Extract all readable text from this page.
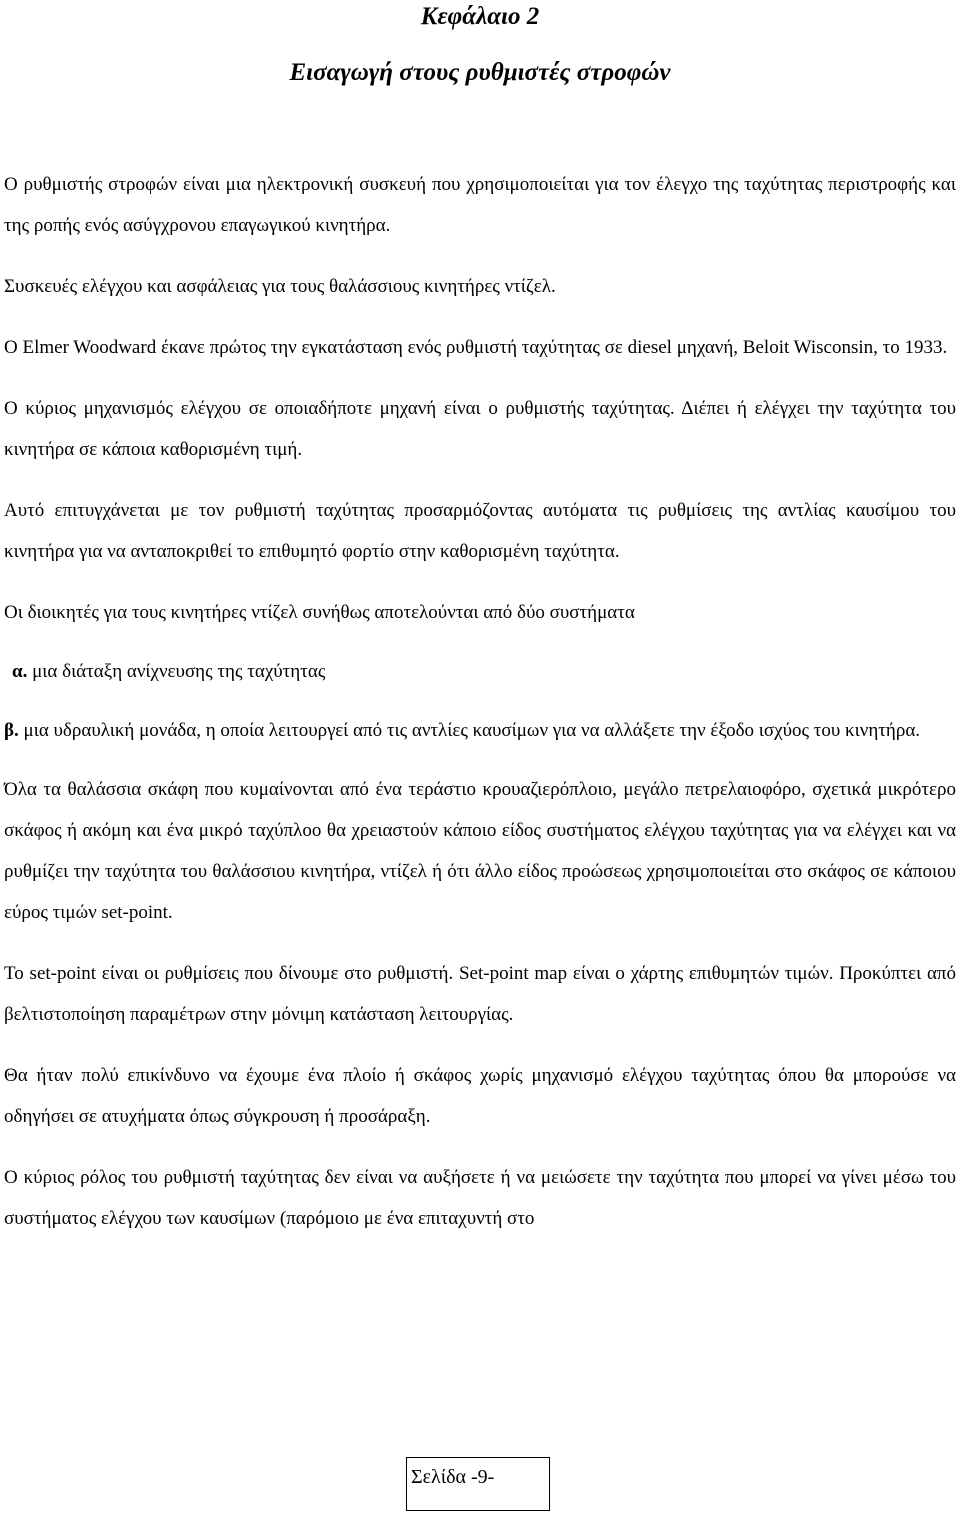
Κεφάλαιο 2
Εισαγωγή στους ρυθμιστές στροφών

Ο ρυθμιστής στροφών είναι μια ηλεκτρονική συσκευή που χρησιμοποιείται για τον έλεγχο της ταχύτητας περιστροφής και της ροπής ενός ασύγχρονου επαγωγικού κινητήρα.

Συσκευές ελέγχου και ασφάλειας για τους θαλάσσιους κινητήρες ντίζελ.

Ο Elmer Woodward έκανε πρώτος την εγκατάσταση ενός ρυθμιστή ταχύτητας σε diesel μηχανή, Beloit Wisconsin, το 1933.

Ο κύριος μηχανισμός ελέγχου σε οποιαδήποτε μηχανή είναι ο ρυθμιστής ταχύτητας. Διέπει ή ελέγχει την ταχύτητα του κινητήρα σε κάποια καθορισμένη τιμή.

Αυτό επιτυγχάνεται με τον ρυθμιστή ταχύτητας προσαρμόζοντας αυτόματα τις ρυθμίσεις της αντλίας καυσίμου του κινητήρα για να ανταποκριθεί το επιθυμητό φορτίο στην καθορισμένη ταχύτητα.

Οι διοικητές για τους κινητήρες ντίζελ συνήθως αποτελούνται από δύο συστήματα

α. μια διάταξη ανίχνευσης της ταχύτητας
β. μια υδραυλική μονάδα, η οποία λειτουργεί από τις αντλίες καυσίμων για να αλλάξετε την έξοδο ισχύος του κινητήρα.

Όλα τα θαλάσσια σκάφη που κυμαίνονται από ένα τεράστιο κρουαζιερόπλοιο, μεγάλο πετρελαιοφόρο, σχετικά μικρότερο σκάφος ή ακόμη και ένα μικρό ταχύπλοο θα χρειαστούν κάποιο είδος συστήματος ελέγχου ταχύτητας για να ελέγχει και να ρυθμίζει την ταχύτητα του θαλάσσιου κινητήρα, ντίζελ ή ότι άλλο είδος προώσεως χρησιμοποιείται στο σκάφος σε κάποιου εύρος τιμών set-point.

Το set-point είναι οι ρυθμίσεις που δίνουμε στο ρυθμιστή. Set-point map είναι ο χάρτης επιθυμητών τιμών. Προκύπτει από βελτιστοποίηση παραμέτρων στην μόνιμη κατάσταση λειτουργίας.

Θα ήταν πολύ επικίνδυνο να έχουμε ένα πλοίο ή σκάφος χωρίς μηχανισμό ελέγχου ταχύτητας όπου θα μπορούσε να οδηγήσει σε ατυχήματα όπως σύγκρουση ή προσάραξη.

Ο κύριος ρόλος του ρυθμιστή ταχύτητας δεν είναι να αυξήσετε ή να μειώσετε την ταχύτητα που μπορεί να γίνει μέσω του συστήματος ελέγχου των καυσίμων (παρόμοιο με ένα επιταχυντή στο

Σελίδα -9-
